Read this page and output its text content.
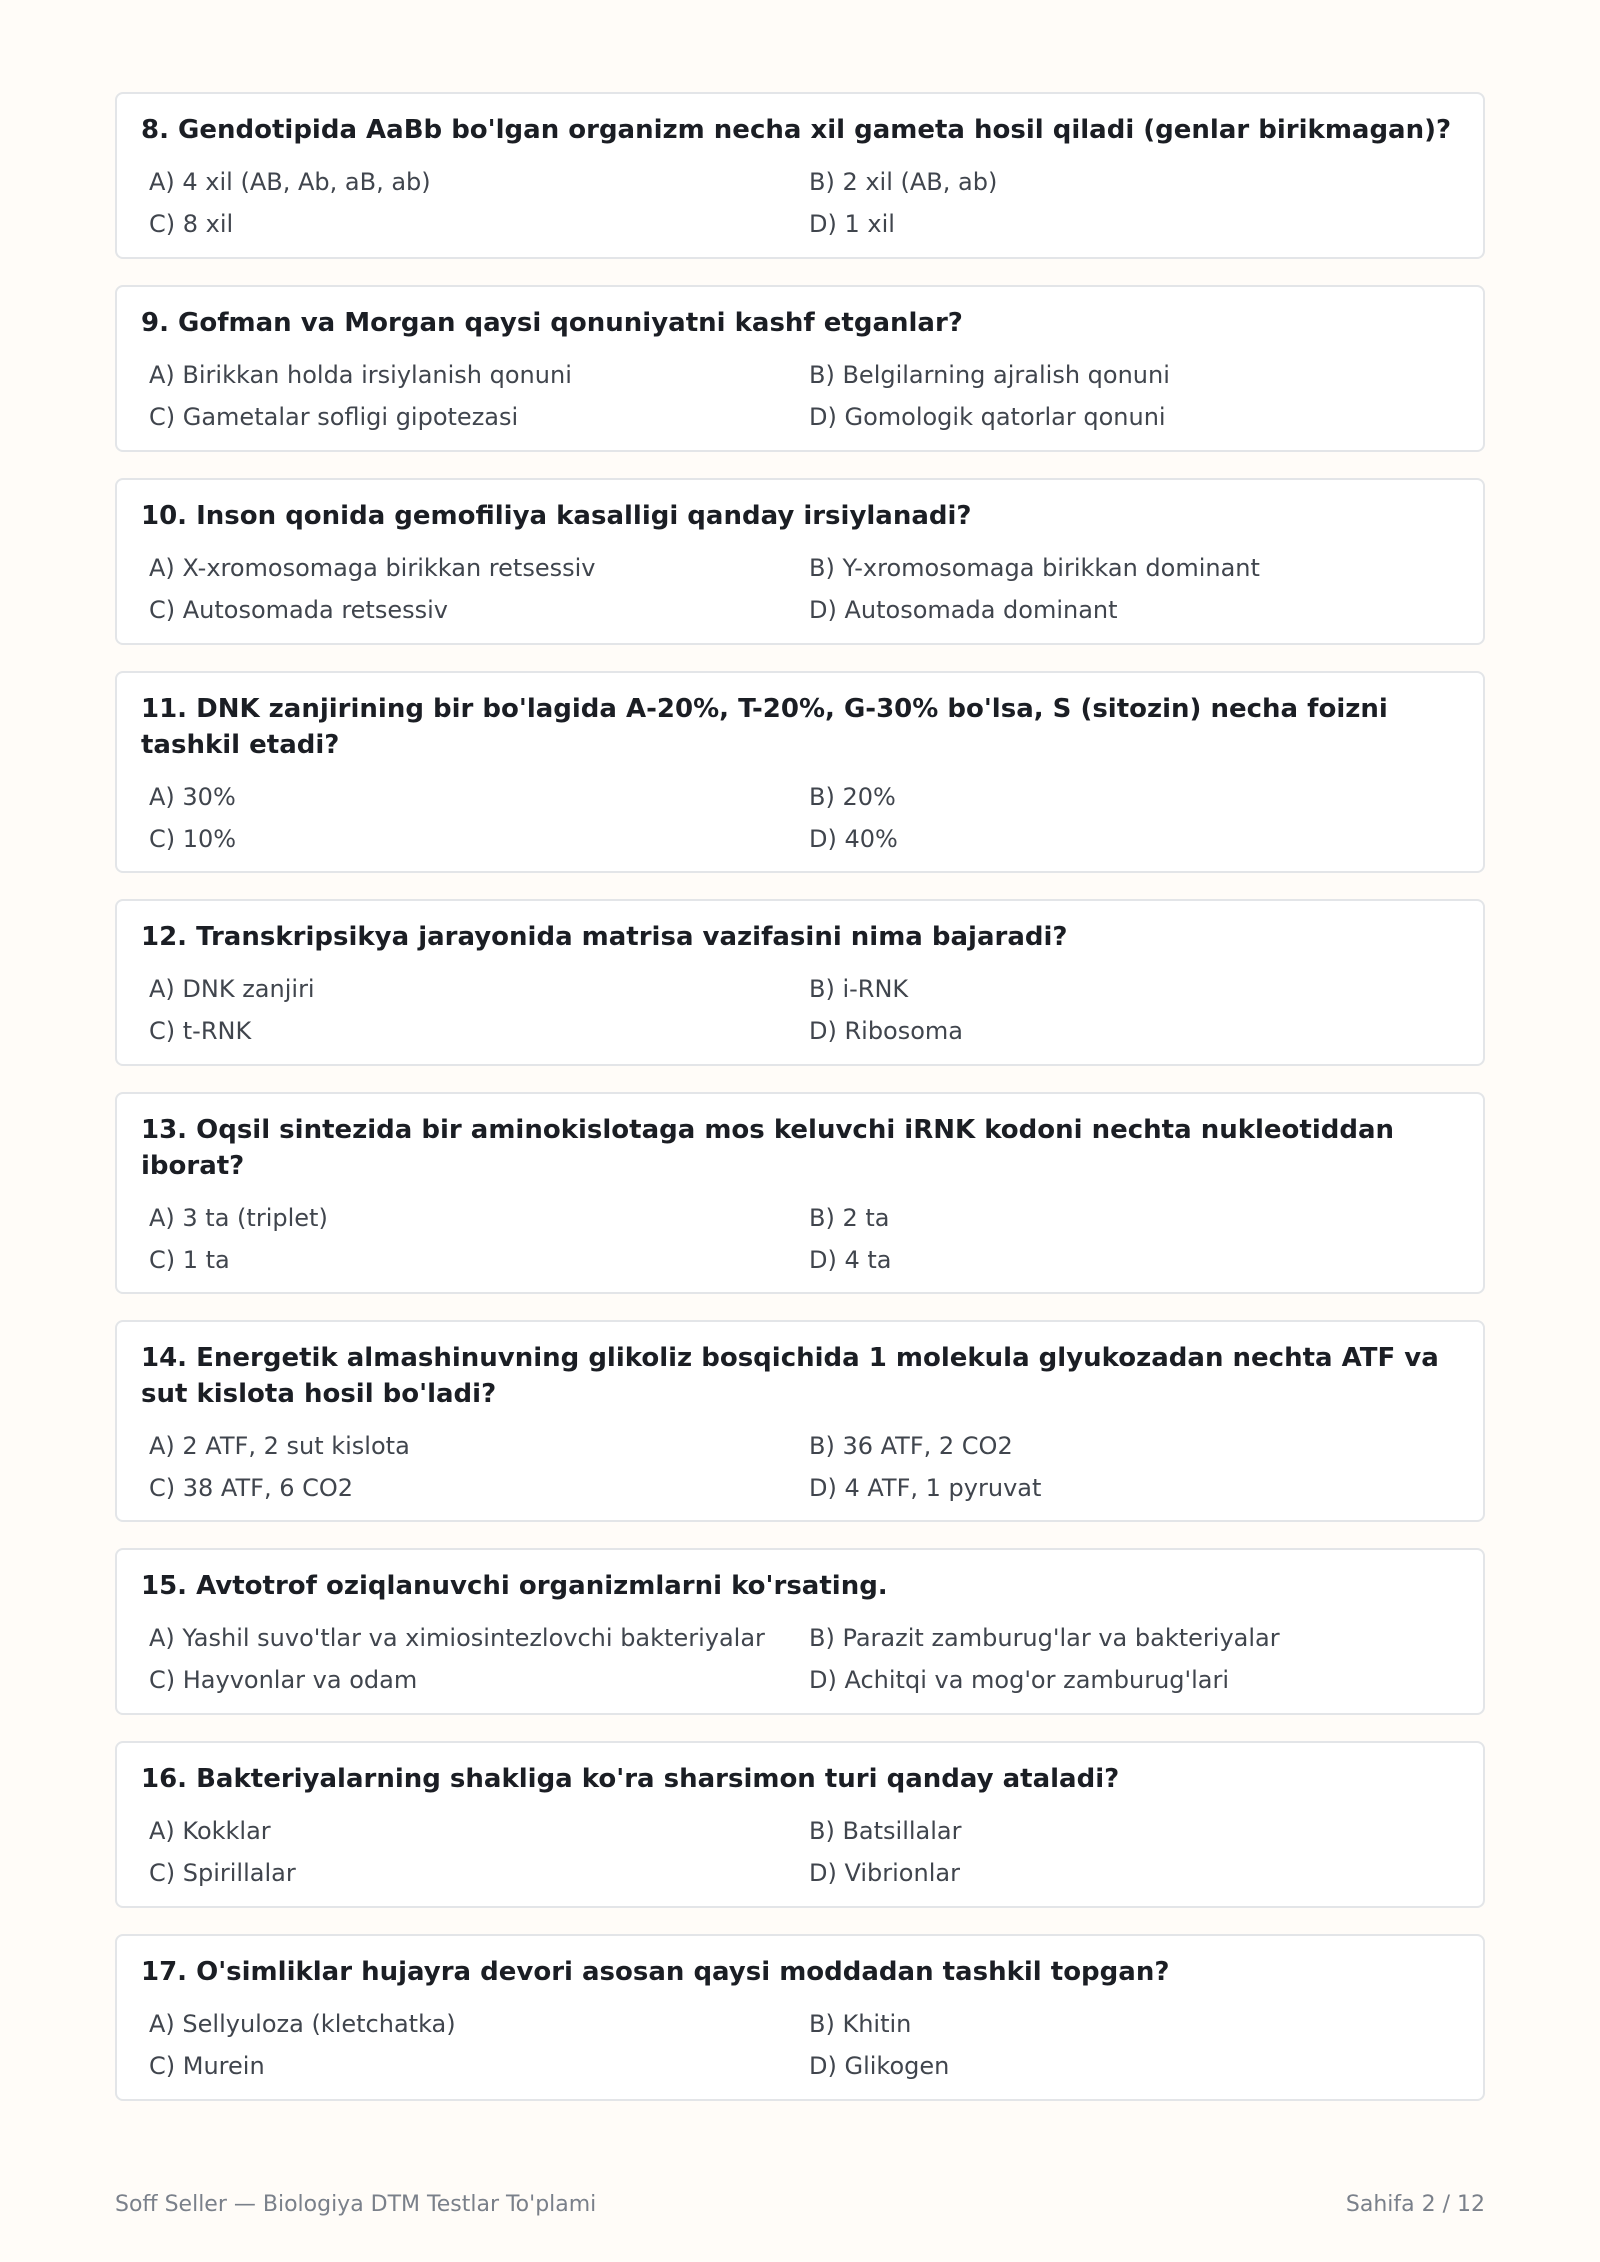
8. Gendotipida AaBb bo'lgan organizm necha xil gameta hosil qiladi (genlar birikmagan)?

A) 4 xil (AB, Ab, aB, ab)	B) 2 xil (AB, ab)
C) 8 xil	D) 1 xil

9. Gofman va Morgan qaysi qonuniyatni kashf etganlar?

A) Birikkan holda irsiylanish qonuni	B) Belgilarning ajralish qonuni
C) Gametalar sofligi gipotezasi	D) Gomologik qatorlar qonuni

10. Inson qonida gemofiliya kasalligi qanday irsiylanadi?

A) X-xromosomaga birikkan retsessiv	B) Y-xromosomaga birikkan dominant
C) Autosomada retsessiv	D) Autosomada dominant

11. DNK zanjirining bir bo'lagida A-20%, T-20%, G-30% bo'lsa, S (sitozin) necha foizni tashkil etadi?

A) 30%	B) 20%
C) 10%	D) 40%

12. Transkripsikya jarayonida matrisa vazifasini nima bajaradi?

A) DNK zanjiri	B) i-RNK
C) t-RNK	D) Ribosoma

13. Oqsil sintezida bir aminokislotaga mos keluvchi iRNK kodoni nechta nukleotiddan iborat?

A) 3 ta (triplet)	B) 2 ta
C) 1 ta	D) 4 ta

14. Energetik almashinuvning glikoliz bosqichida 1 molekula glyukozadan nechta ATF va sut kislota hosil bo'ladi?

A) 2 ATF, 2 sut kislota	B) 36 ATF, 2 CO2
C) 38 ATF, 6 CO2	D) 4 ATF, 1 pyruvat

15. Avtotrof oziqlanuvchi organizmlarni ko'rsating.

A) Yashil suvo'tlar va ximiosintezlovchi bakteriyalar	B) Parazit zamburug'lar va bakteriyalar
C) Hayvonlar va odam	D) Achitqi va mog'or zamburug'lari

16. Bakteriyalarning shakliga ko'ra sharsimon turi qanday ataladi?

A) Kokklar	B) Batsillalar
C) Spirillalar	D) Vibrionlar

17. O'simliklar hujayra devori asosan qaysi moddadan tashkil topgan?

A) Sellyuloza (kletchatka)	B) Khitin
C) Murein	D) Glikogen
Soff Seller — Biologiya DTM Testlar To'plami	Sahifa 2 / 12
